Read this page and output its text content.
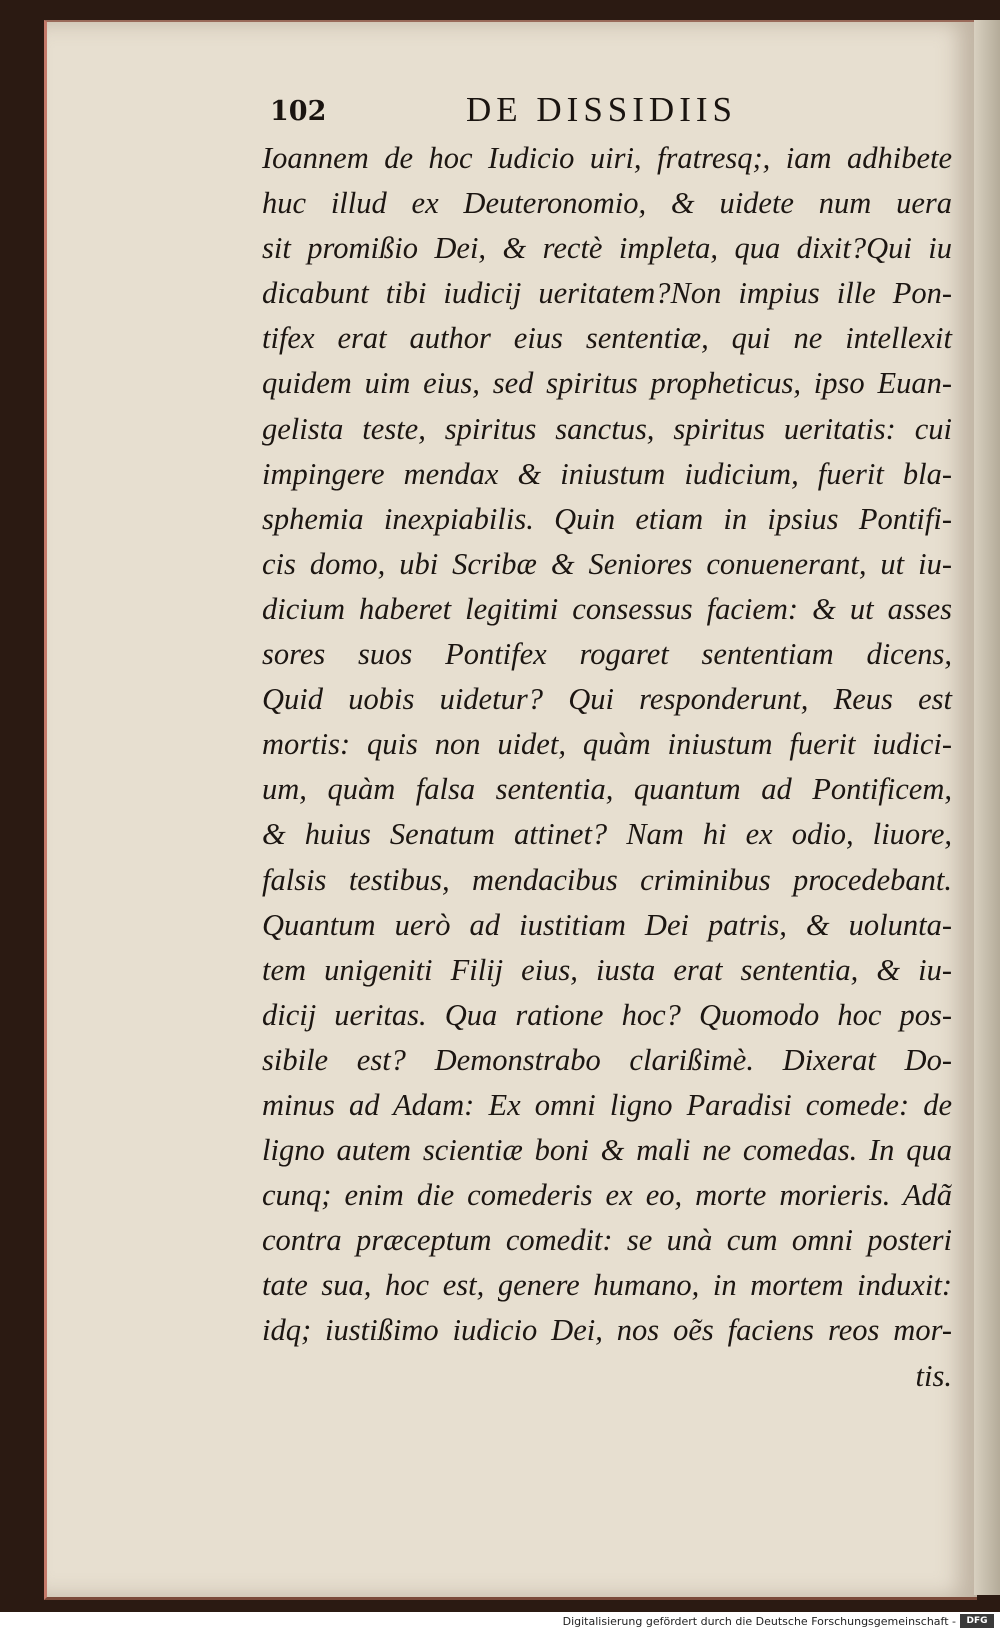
102	DE DISSIDIIS
Ioannem de hoc Iudicio uiri, fratresq;, iam adhibete
huc illud ex Deuteronomio, & uidete num uera
sit promißio Dei, & rectè impleta, qua dixit?Qui iu
dicabunt tibi iudicij ueritatem?Non impius ille Pon-
tifex erat author eius sententiæ, qui ne intellexit
quidem uim eius, sed spiritus propheticus, ipso Euan-
gelista teste, spiritus sanctus, spiritus ueritatis: cui
impingere mendax & iniustum iudicium, fuerit bla-
sphemia inexpiabilis. Quin etiam in ipsius Pontifi-
cis domo, ubi Scribæ & Seniores conuenerant, ut iu-
dicium haberet legitimi consessus faciem: & ut asses
sores suos Pontifex rogaret sententiam dicens,
Quid uobis uidetur? Qui responderunt, Reus est
mortis: quis non uidet, quàm iniustum fuerit iudici-
um, quàm falsa sententia, quantum ad Pontificem,
& huius Senatum attinet? Nam hi ex odio, liuore,
falsis testibus, mendacibus criminibus procedebant.
Quantum uerò ad iustitiam Dei patris, & uolunta-
tem unigeniti Filij eius, iusta erat sententia, & iu-
dicij ueritas. Qua ratione hoc? Quomodo hoc pos-
sibile est? Demonstrabo clarißimè. Dixerat Do-
minus ad Adam: Ex omni ligno Paradisi comede: de
ligno autem scientiæ boni & mali ne comedas. In qua
cunq; enim die comederis ex eo, morte morieris. Adã
contra præceptum comedit: se unà cum omni posteri
tate sua, hoc est, genere humano, in mortem induxit:
idq; iustißimo iudicio Dei, nos oẽs faciens reos mor-
tis.
Digitalisierung gefördert durch die Deutsche Forschungsgemeinschaft -	DFG
